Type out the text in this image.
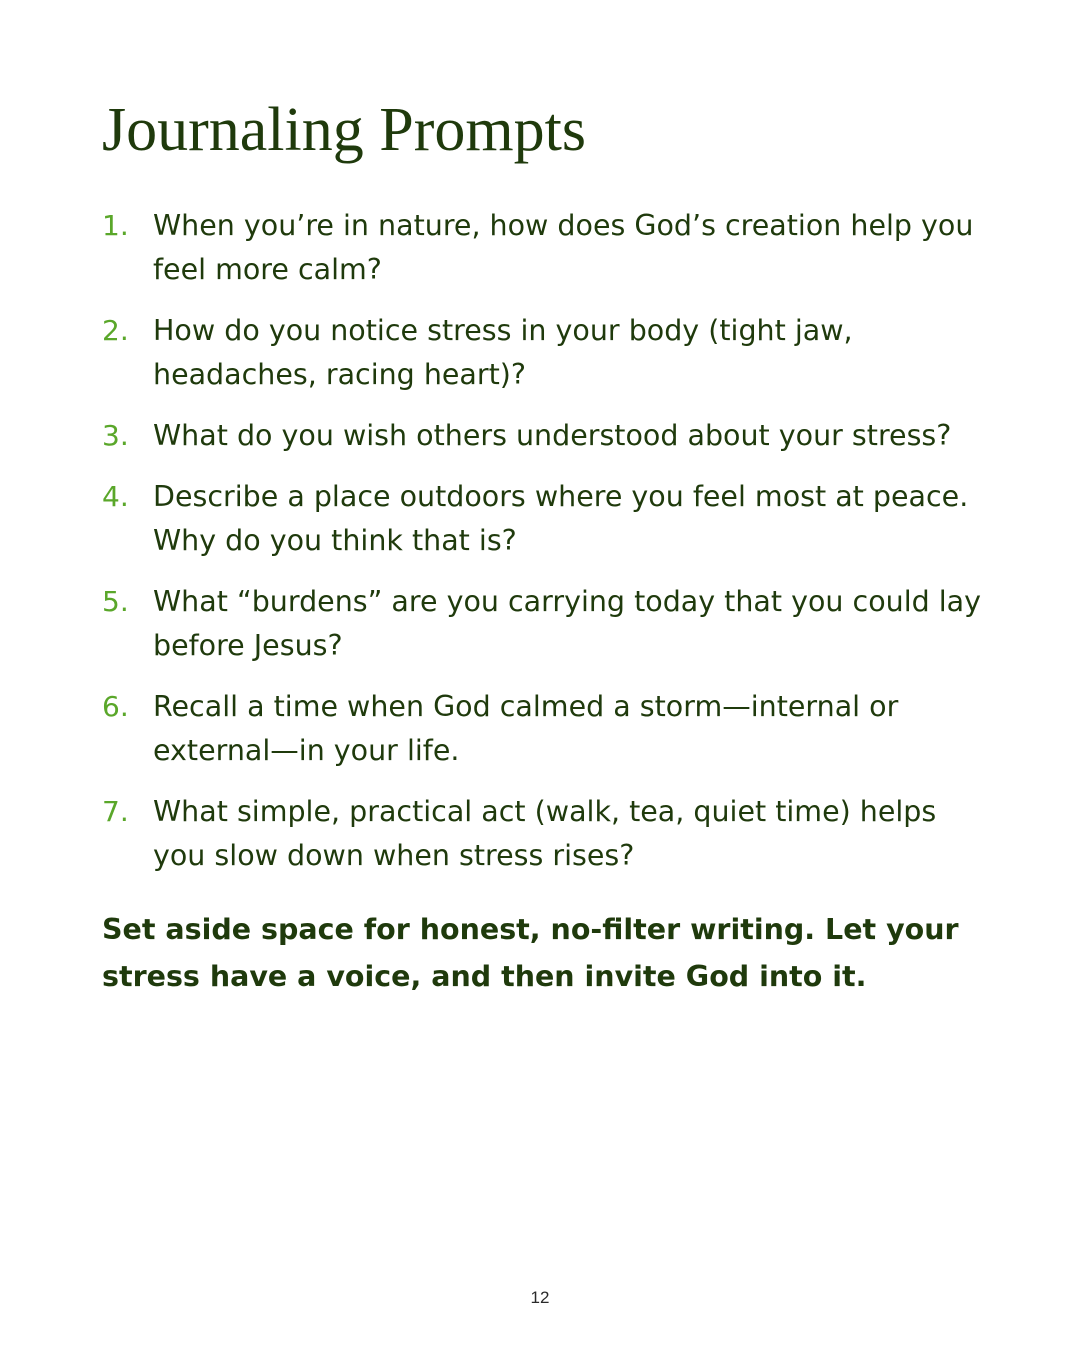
Journaling Prompts
1. When you’re in nature, how does God’s creation help you feel more calm?
2. How do you notice stress in your body (tight jaw, headaches, racing heart)?
3. What do you wish others understood about your stress?
4. Describe a place outdoors where you feel most at peace. Why do you think that is?
5. What “burdens” are you carrying today that you could lay before Jesus?
6. Recall a time when God calmed a storm—internal or external—in your life.
7. What simple, practical act (walk, tea, quiet time) helps you slow down when stress rises?

Set aside space for honest, no-filter writing. Let your stress have a voice, and then invite God into it.

12
